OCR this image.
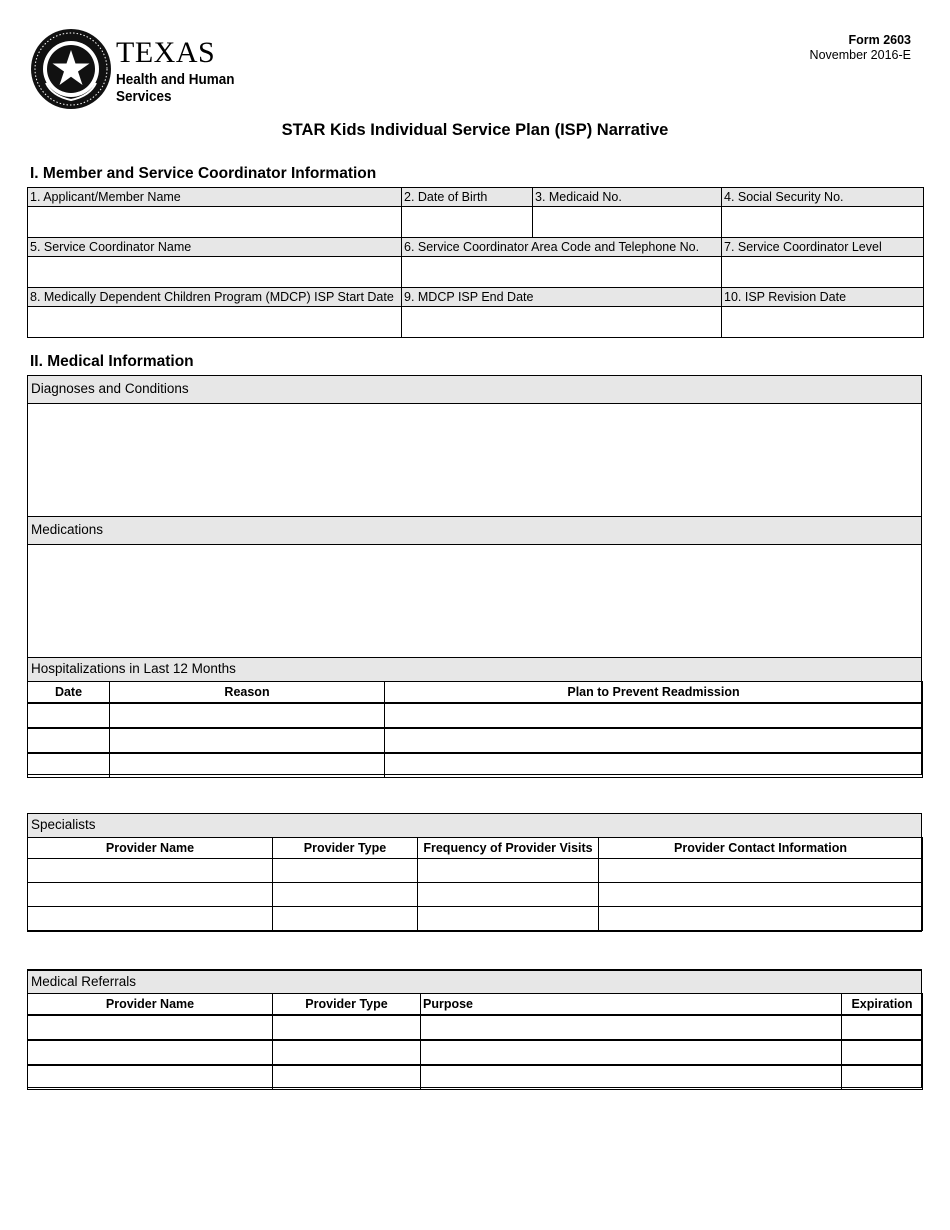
TEXAS
Health and Human
Services
Form 2603
November 2016-E
STAR Kids Individual Service Plan (ISP) Narrative
I. Member and Service Coordinator Information
1. Applicant/Member Name	2. Date of Birth	3. Medicaid No.	4. Social Security No.

5. Service Coordinator Name	6. Service Coordinator Area Code and Telephone No.		7. Service Coordinator Level

8. Medically Dependent Children Program (MDCP) ISP Start Date	9. MDCP ISP End Date		10. ISP Revision Date

II. Medical Information
Diagnoses and Conditions
Medications
Hospitalizations in Last 12 Months
Date	Reason	Plan to Prevent Readmission

Specialists
Provider Name	Provider Type	Frequency of Provider Visits	Provider Contact Information

Medical Referrals
Provider Name	Provider Type	Purpose	Expiration
